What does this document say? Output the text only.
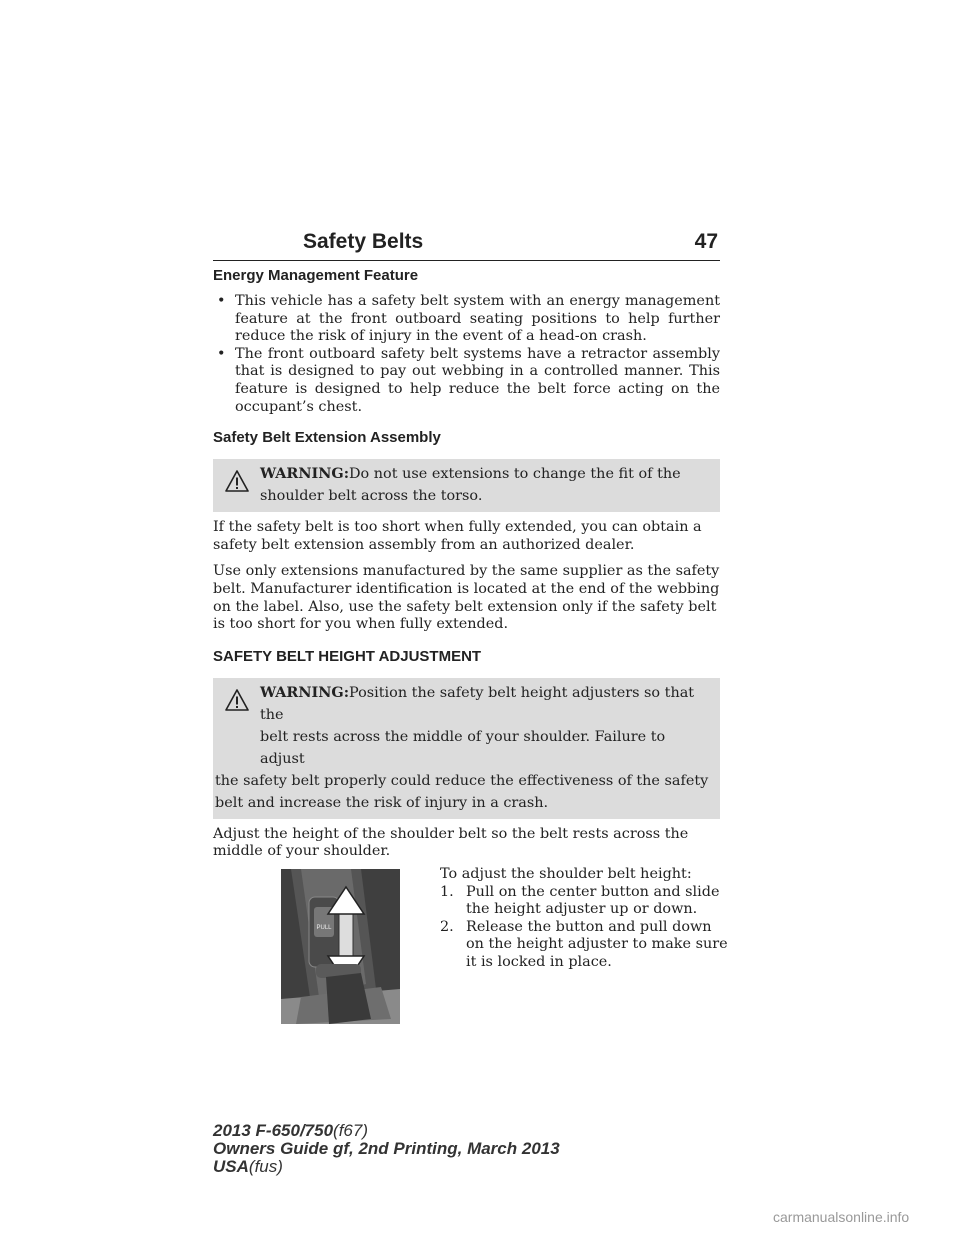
Safety Belts	47
Energy Management Feature
• This vehicle has a safety belt system with an energy management feature at the front outboard seating positions to help further reduce the risk of injury in the event of a head-on crash.
• The front outboard safety belt systems have a retractor assembly that is designed to pay out webbing in a controlled manner. This feature is designed to help reduce the belt force acting on the occupant’s chest.
Safety Belt Extension Assembly
WARNING:Do not use extensions to change the fit of the
shoulder belt across the torso.

If the safety belt is too short when fully extended, you can obtain a safety belt extension assembly from an authorized dealer.

Use only extensions manufactured by the same supplier as the safety belt. Manufacturer identification is located at the end of the webbing on the label. Also, use the safety belt extension only if the safety belt is too short for you when fully extended.

SAFETY BELT HEIGHT ADJUSTMENT
WARNING:Position the safety belt height adjusters so that the
belt rests across the middle of your shoulder. Failure to adjust
the safety belt properly could reduce the effectiveness of the safety belt and increase the risk of injury in a crash.

Adjust the height of the shoulder belt so the belt rests across the middle of your shoulder.

PULL

To adjust the shoulder belt height:

1. Pull on the center button and slide the height adjuster up or down.
2. Release the button and pull down on the height adjuster to make sure it is locked in place.
2013 F-650/750(f67)
Owners Guide gf, 2nd Printing, March 2013
USA(fus)
carmanualsonline.info
